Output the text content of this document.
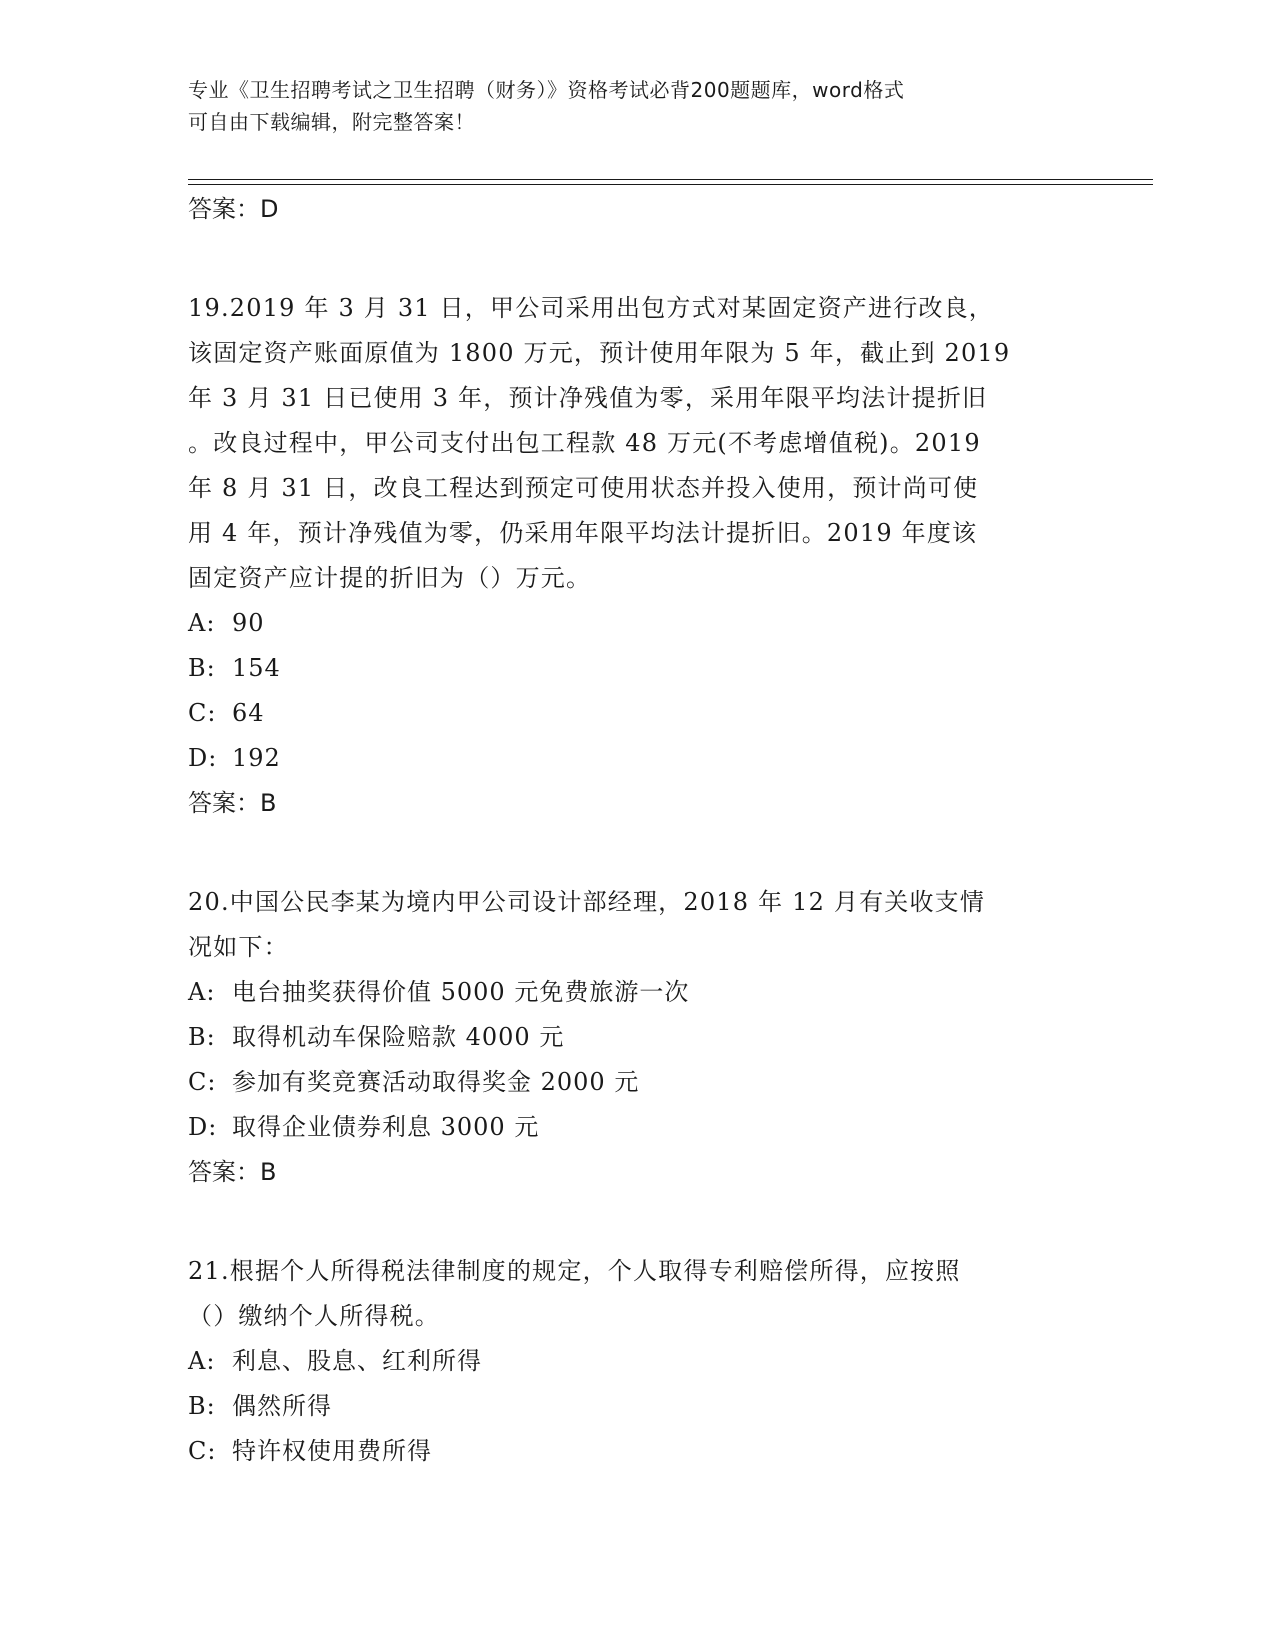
专业《卫生招聘考试之卫生招聘（财务）》资格考试必背200题题库，word格式
可自由下载编辑，附完整答案！
答案：D
19.2019 年 3 月 31 日，甲公司采用出包方式对某固定资产进行改良，
该固定资产账面原值为 1800 万元，预计使用年限为 5 年，截止到 2019
年 3 月 31 日已使用 3 年，预计净残值为零，采用年限平均法计提折旧
。改良过程中，甲公司支付出包工程款 48 万元(不考虑增值税)。2019
年 8 月 31 日，改良工程达到预定可使用状态并投入使用，预计尚可使
用 4 年，预计净残值为零，仍采用年限平均法计提折旧。2019 年度该
固定资产应计提的折旧为（）万元。
A: 90
B: 154
C: 64
D: 192
答案：B
20.中国公民李某为境内甲公司设计部经理，2018 年 12 月有关收支情
况如下：
A: 电台抽奖获得价值 5000 元免费旅游一次
B: 取得机动车保险赔款 4000 元
C: 参加有奖竞赛活动取得奖金 2000 元
D: 取得企业债券利息 3000 元
答案：B
21.根据个人所得税法律制度的规定，个人取得专利赔偿所得，应按照
（）缴纳个人所得税。
A: 利息、股息、红利所得
B: 偶然所得
C: 特许权使用费所得
